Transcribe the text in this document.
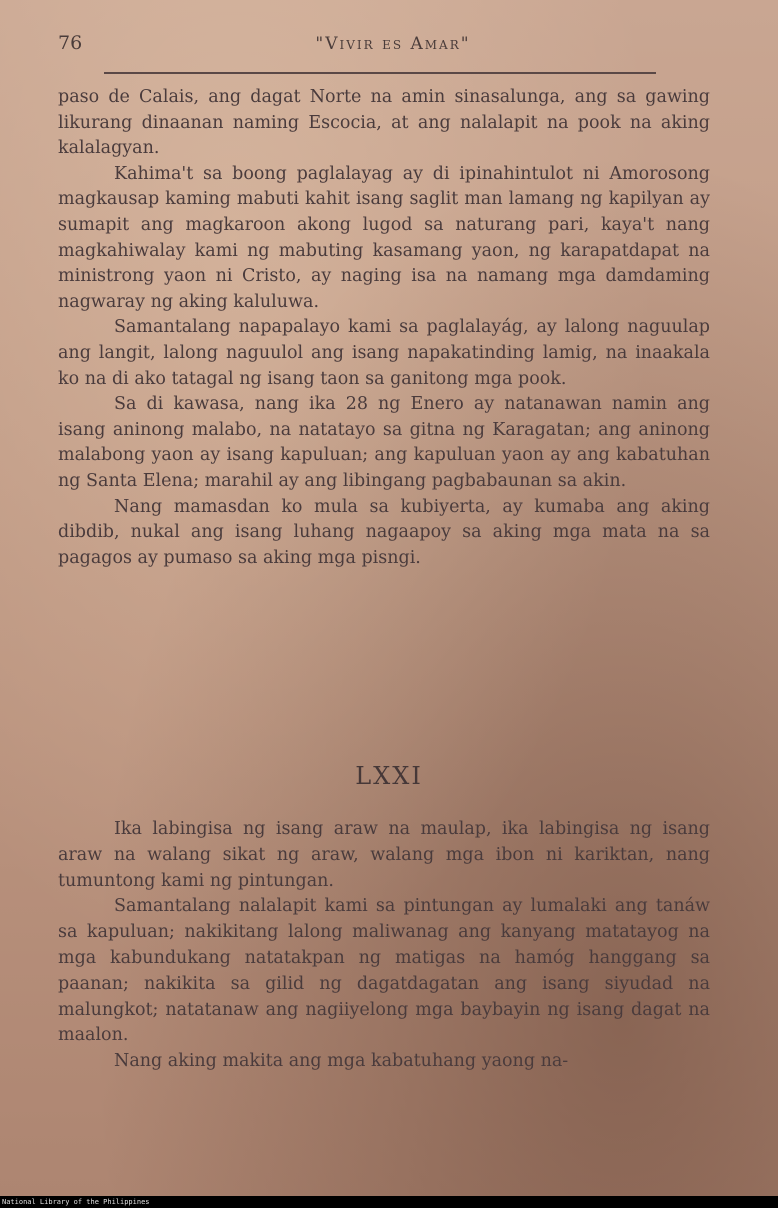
76	"Vivir es Amar"

paso de Calais, ang dagat Norte na amin sinasalunga, ang sa gawing likurang dinaanan naming Escocia, at ang nalalapit na pook na aking kalalagyan.

Kahima't sa boong paglalayag ay di ipinahintulot ni Amorosong magkausap kaming mabuti kahit isang saglit man lamang ng kapilyan ay sumapit ang magkaroon akong lugod sa naturang pari, kaya't nang magkahiwalay kami ng mabuting kasamang yaon, ng karapatdapat na ministrong yaon ni Cristo, ay naging isa na namang mga damdaming nagwaray ng aking kaluluwa.

Samantalang napapalayo kami sa paglalayág, ay lalong naguulap ang langit, lalong naguulol ang isang napakatinding lamig, na inaakala ko na di ako tatagal ng isang taon sa ganitong mga pook.

Sa di kawasa, nang ika 28 ng Enero ay natanawan namin ang isang aninong malabo, na natatayo sa gitna ng Karagatan; ang aninong malabong yaon ay isang kapuluan; ang kapuluan yaon ay ang kabatuhan ng Santa Elena; marahil ay ang libingang pagbabaunan sa akin.

Nang mamasdan ko mula sa kubiyerta, ay kumaba ang aking dibdib, nukal ang isang luhang nagaapoy sa aking mga mata na sa pagagos ay pumaso sa aking mga pisngi.

LXXI

Ika labingisa ng isang araw na maulap, ika labingisa ng isang araw na walang sikat ng araw, walang mga ibon ni kariktan, nang tumuntong kami ng pintungan.

Samantalang nalalapit kami sa pintungan ay lumalaki ang tanáw sa kapuluan; nakikitang lalong maliwanag ang kanyang matatayog na mga kabundukang natatakpan ng matigas na hamóg hanggang sa paanan; nakikita sa gilid ng dagatdagatan ang isang siyudad na malungkot; natatanaw ang nagiiyelong mga baybayin ng isang dagat na maalon.

Nang aking makita ang mga kabatuhang yaong na-

National Library of the Philippines
